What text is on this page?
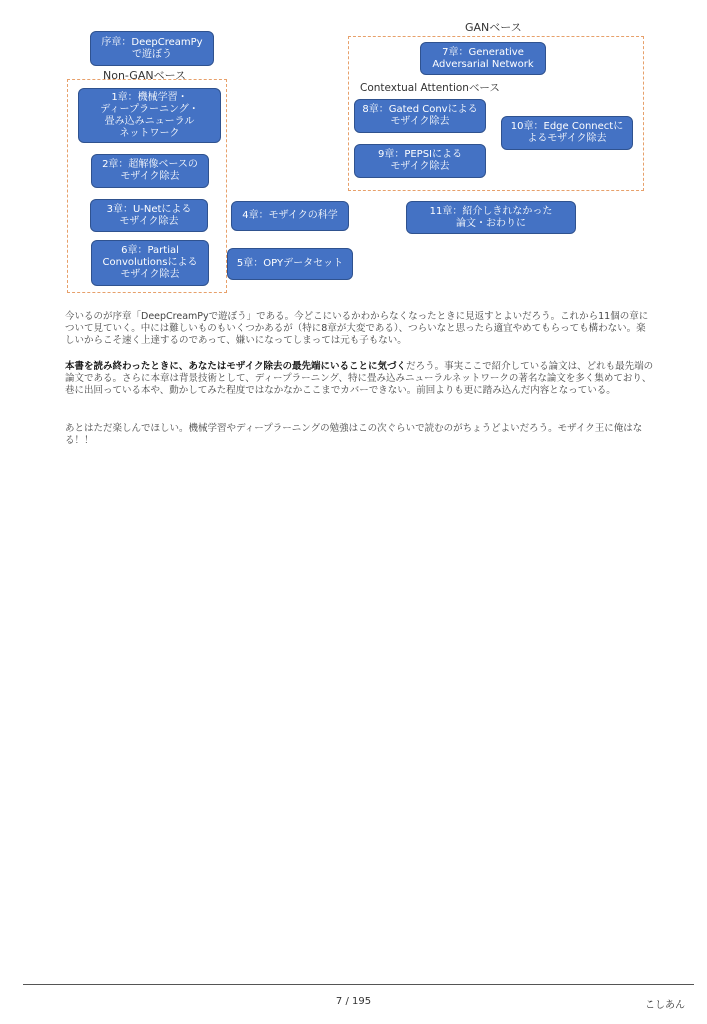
Non-GANベース
GANベース
Contextual Attentionベース
序章：DeepCreamPy
で遊ぼう
1章：機械学習・
ディープラーニング・
畳み込みニューラル
ネットワーク
2章：超解像ベースの
モザイク除去
3章：U-Netによる
モザイク除去	4章：モザイクの科学
5章：OPYデータセット
6章：Partial
Convolutionsによる
モザイク除去
7章：Generative
Adversarial Network
8章：Gated Convによる
モザイク除去
9章：PEPSIによる
モザイク除去
10章：Edge Connectに
よるモザイク除去
11章：紹介しきれなかった
論文・おわりに
今いるのが序章「DeepCreamPyで遊ぼう」である。今どこにいるかわからなくなったときに見返すとよいだろう。これから11個の章について見ていく。中には難しいものもいくつかあるが（特に8章が大変である）、つらいなと思ったら適宜やめてもらっても構わない。楽しいからこそ速く上達するのであって、嫌いになってしまっては元も子もない。
本書を読み終わったときに、あなたはモザイク除去の最先端にいることに気づくだろう。事実ここで紹介している論文は、どれも最先端の論文である。さらに本章は背景技術として、ディープラーニング、特に畳み込みニューラルネットワークの著名な論文を多く集めており、巷に出回っている本や、動かしてみた程度ではなかなかここまでカバーできない。前回よりも更に踏み込んだ内容となっている。
あとはただ楽しんでほしい。機械学習やディープラーニングの勉強はこの次ぐらいで読むのがちょうどよいだろう。モザイク王に俺はなる！！
7 / 195	こしあん
